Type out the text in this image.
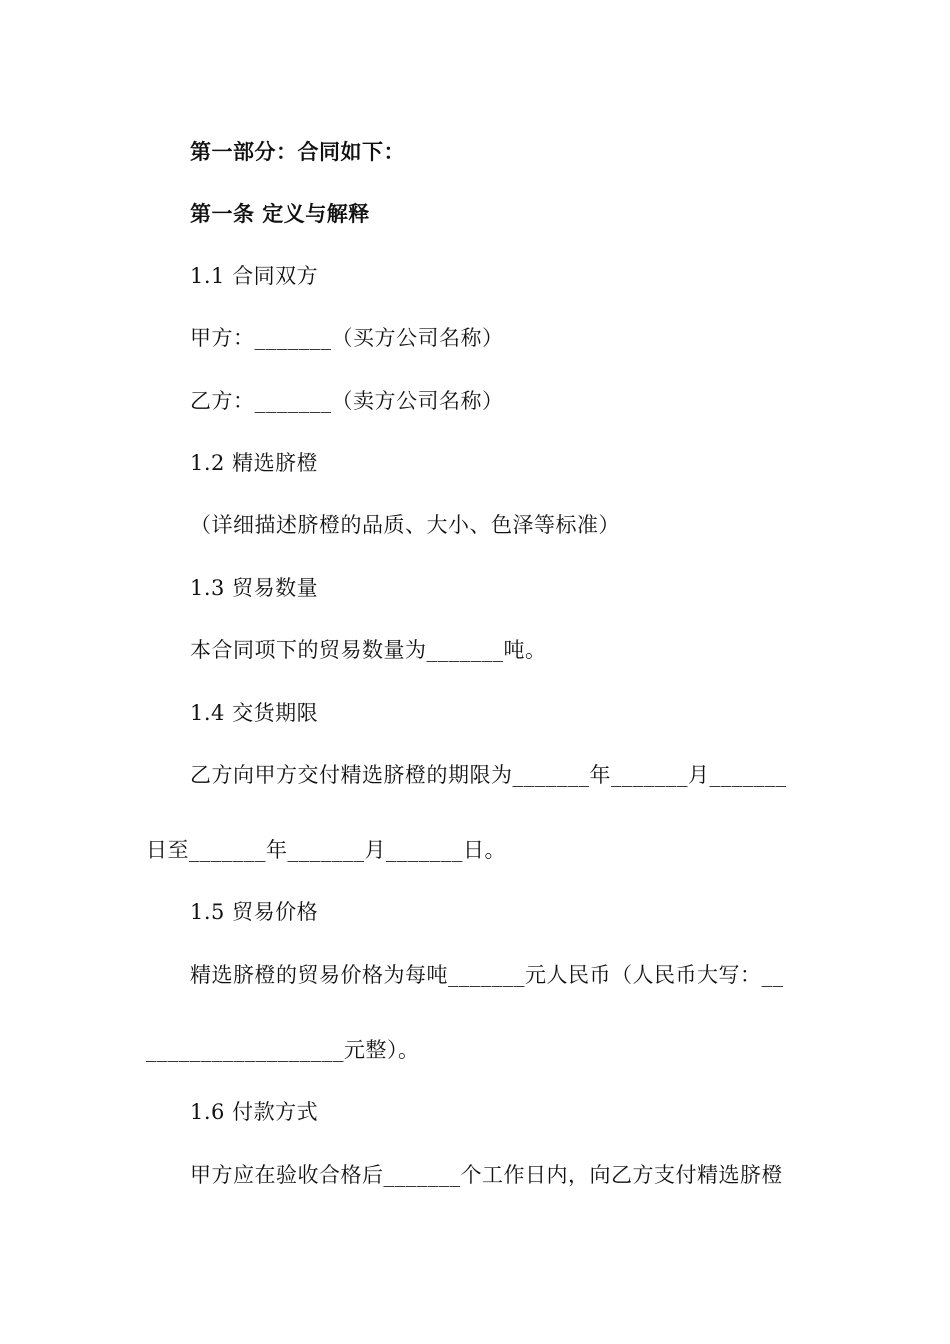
第一部分：合同如下：
第一条 定义与解释
1.1 合同双方
甲方：_______（买方公司名称）
乙方：_______（卖方公司名称）
1.2 精选脐橙
（详细描述脐橙的品质、大小、色泽等标准）
1.3 贸易数量
本合同项下的贸易数量为_______吨。
1.4 交货期限
乙方向甲方交付精选脐橙的期限为_______年_______月_______
日至_______年_______月_______日。
1.5 贸易价格
精选脐橙的贸易价格为每吨_______元人民币（人民币大写：__
__________________元整）。
1.6 付款方式
甲方应在验收合格后_______个工作日内，向乙方支付精选脐橙
